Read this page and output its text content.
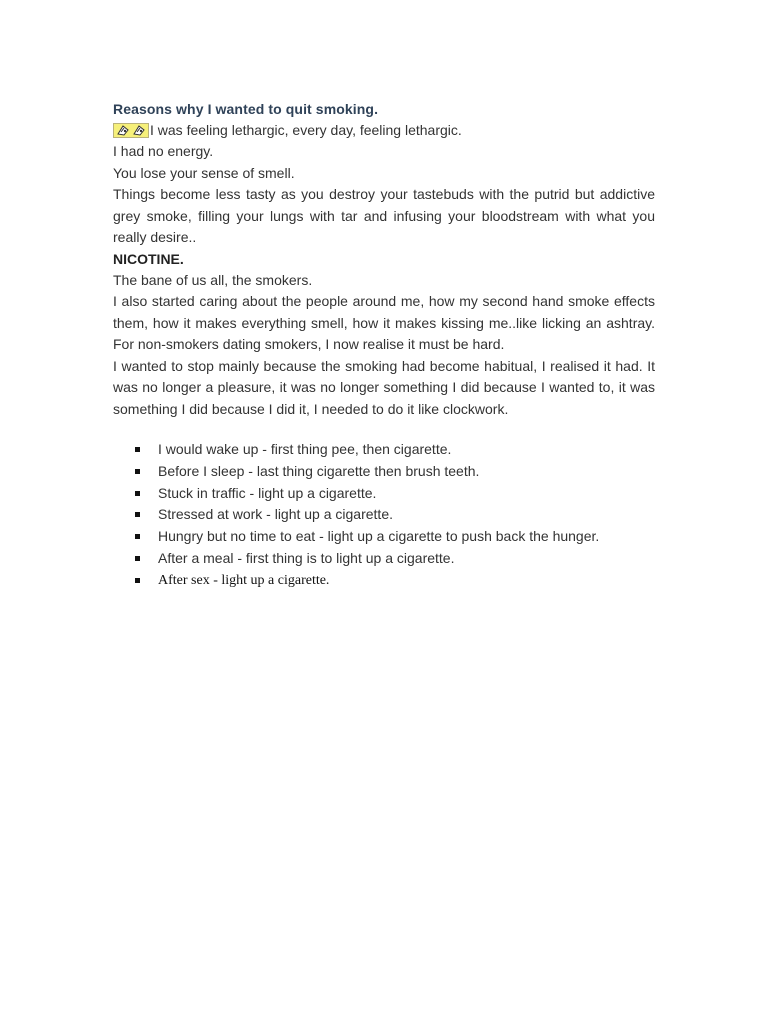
Reasons why I wanted to quit smoking.

I was feeling lethargic, every day, feeling lethargic.

I had no energy.

You lose your sense of smell.

Things become less tasty as you destroy your tastebuds with the putrid but addictive grey smoke, filling your lungs with tar and infusing your bloodstream with what you really desire..

NICOTINE.

The bane of us all, the smokers.

I also started caring about the people around me, how my second hand smoke effects them, how it makes everything smell, how it makes kissing me..like licking an ashtray. For non-smokers dating smokers, I now realise it must be hard.

I wanted to stop mainly because the smoking had become habitual, I realised it had. It was no longer a pleasure, it was no longer something I did because I wanted to, it was something I did because I did it, I needed to do it like clockwork.

I would wake up - first thing pee, then cigarette.
Before I sleep - last thing cigarette then brush teeth.
Stuck in traffic - light up a cigarette.
Stressed at work - light up a cigarette.
Hungry but no time to eat - light up a cigarette to push back the hunger.
After a meal - first thing is to light up a cigarette.
After sex - light up a cigarette.
